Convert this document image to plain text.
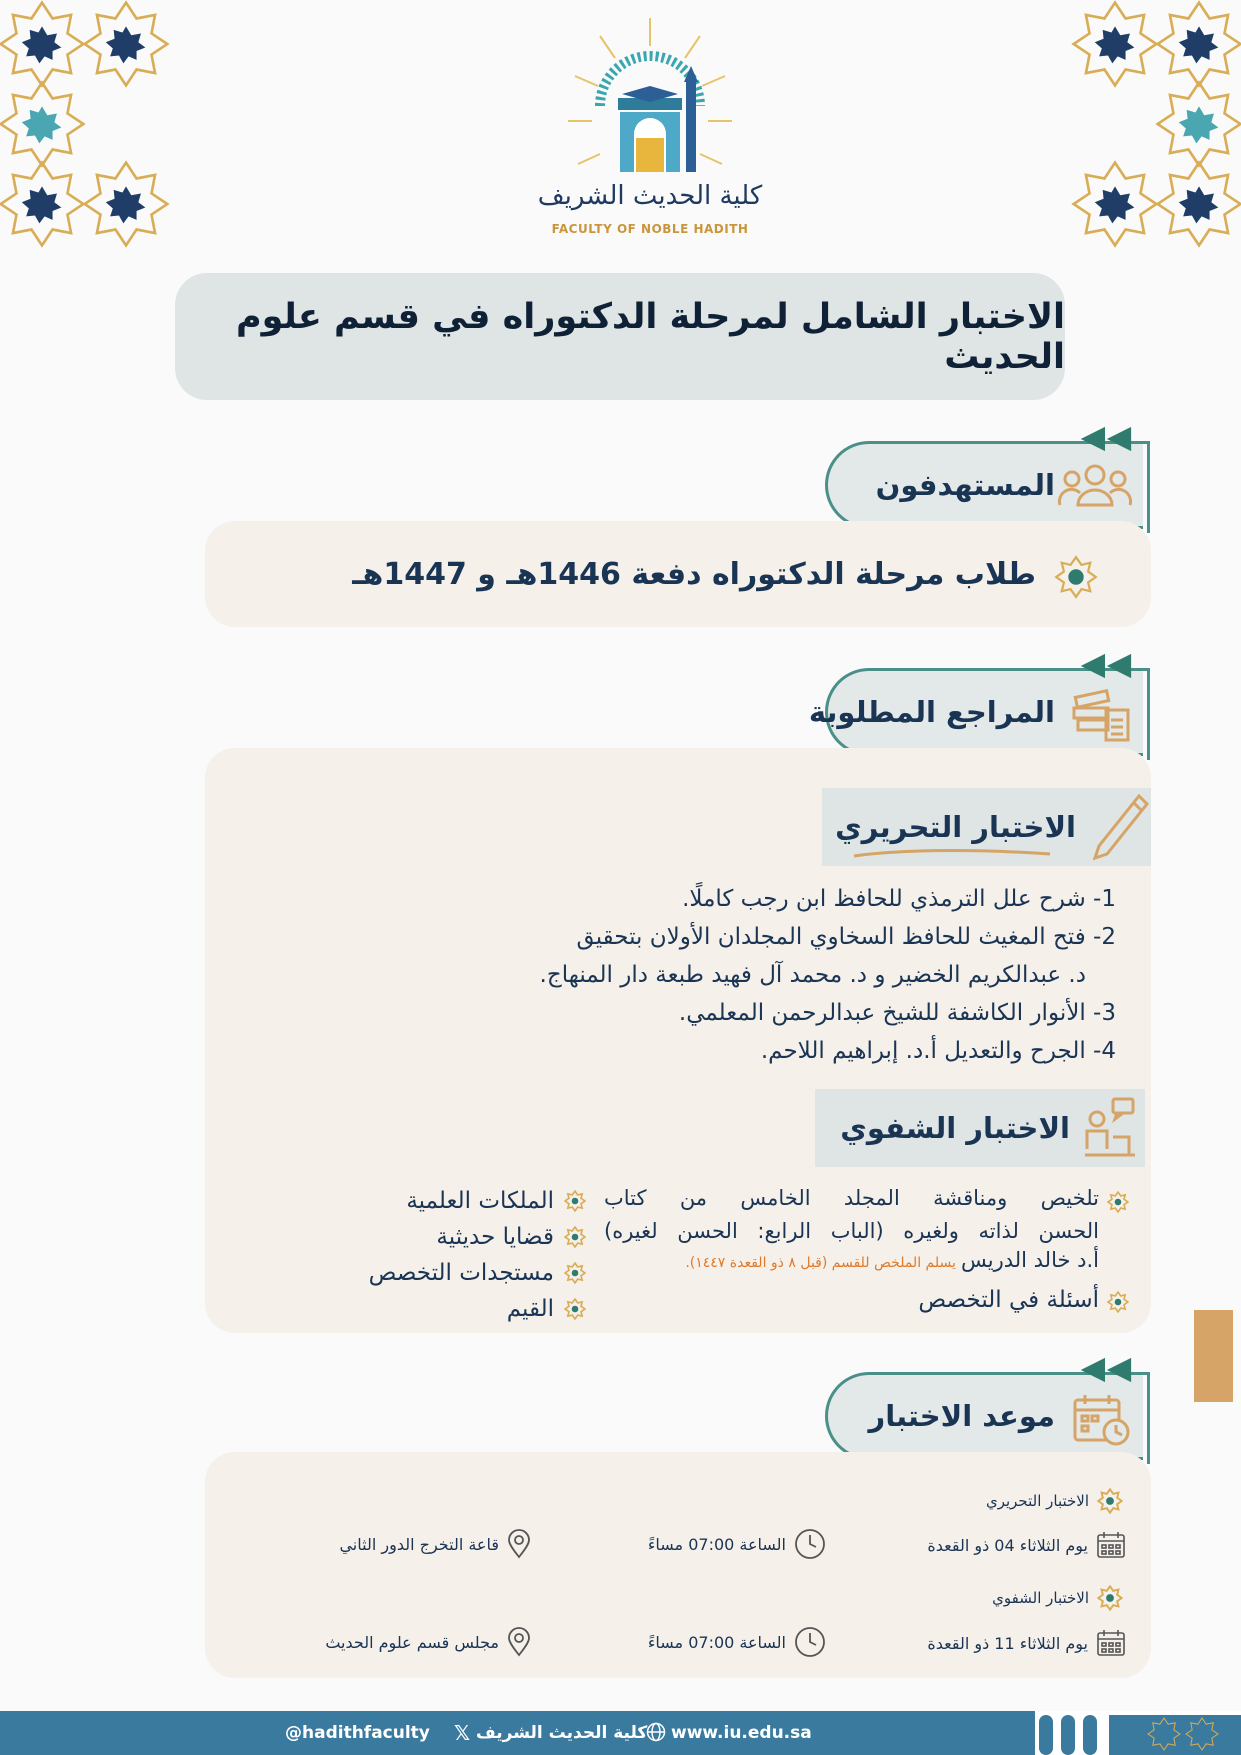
كلية الحديث الشريف
FACULTY OF NOBLE HADITH
الاختبار الشامل لمرحلة الدكتوراه في قسم علوم الحديث
المستهدفون
طلاب مرحلة الدكتوراه دفعة 1446هـ و 1447هـ
المراجع المطلوبة
الاختبار التحريري
1- شرح علل الترمذي للحافظ ابن رجب كاملًا.
2- فتح المغيث للحافظ السخاوي المجلدان الأولان بتحقيق
د. عبدالكريم الخضير و د. محمد آل فهيد طبعة دار المنهاج.
3- الأنوار الكاشفة للشيخ عبدالرحمن المعلمي.
4- الجرح والتعديل أ.د. إبراهيم اللاحم.
الاختبار الشفوي
تلخيص ومناقشة المجلد الخامس من كتاب
الحسن لذاته ولغيره (الباب الرابع: الحسن لغيره)
أ.د خالد الدريس يسلم الملخص للقسم (قبل ٨ ذو القعدة ١٤٤٧).
أسئلة في التخصص
الملكات العلمية
قضايا حديثية
مستجدات التخصص
القيم
موعد الاختبار
الاختبار التحريري
يوم الثلاثاء 04 ذو القعدة
الساعة 07:00 مساءً
قاعة التخرج الدور الثاني
الاختبار الشفوي
يوم الثلاثاء 11 ذو القعدة
الساعة 07:00 مساءً
مجلس قسم علوم الحديث
@hadithfaculty 𝕏 كلية الحديث الشريف www.iu.edu.sa
